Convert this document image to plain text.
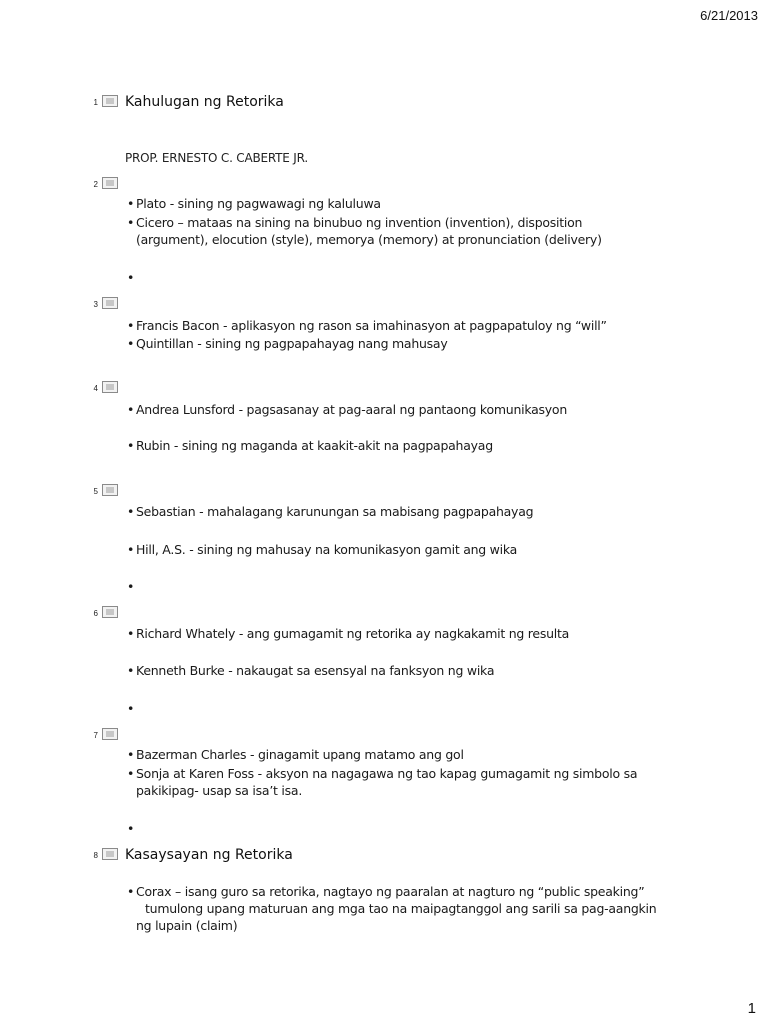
6/21/2013
1 Kahulugan ng Retorika
PROP. ERNESTO C. CABERTE JR.
2
• Plato - sining ng pagwawagi ng kaluluwa
• Cicero – mataas na sining na binubuo ng invention (invention), disposition
(argument), elocution (style), memorya (memory) at pronunciation (delivery)
•
3
• Francis Bacon - aplikasyon ng rason sa imahinasyon at pagpapatuloy ng “will”
• Quintillan - sining ng pagpapahayag nang mahusay
4
• Andrea Lunsford - pagsasanay at pag-aaral ng pantaong komunikasyon
• Rubin - sining ng maganda at kaakit-akit na pagpapahayag
5
• Sebastian - mahalagang karunungan sa mabisang pagpapahayag
• Hill, A.S. - sining ng mahusay na komunikasyon gamit ang wika
•
6
• Richard Whately - ang gumagamit ng retorika ay nagkakamit ng resulta
• Kenneth Burke - nakaugat sa esensyal na fanksyon ng wika
•
7
• Bazerman Charles - ginagamit upang matamo ang gol
• Sonja at Karen Foss - aksyon na nagagawa ng tao kapag gumagamit ng simbolo sa
pakikipag- usap sa isa’t isa.
•
8 Kasaysayan ng Retorika
• Corax – isang guro sa retorika, nagtayo ng paaralan at nagturo ng “public speaking”
tumulong upang maturuan ang mga tao na maipagtanggol ang sarili sa pag-aangkin
ng lupain (claim)
1
